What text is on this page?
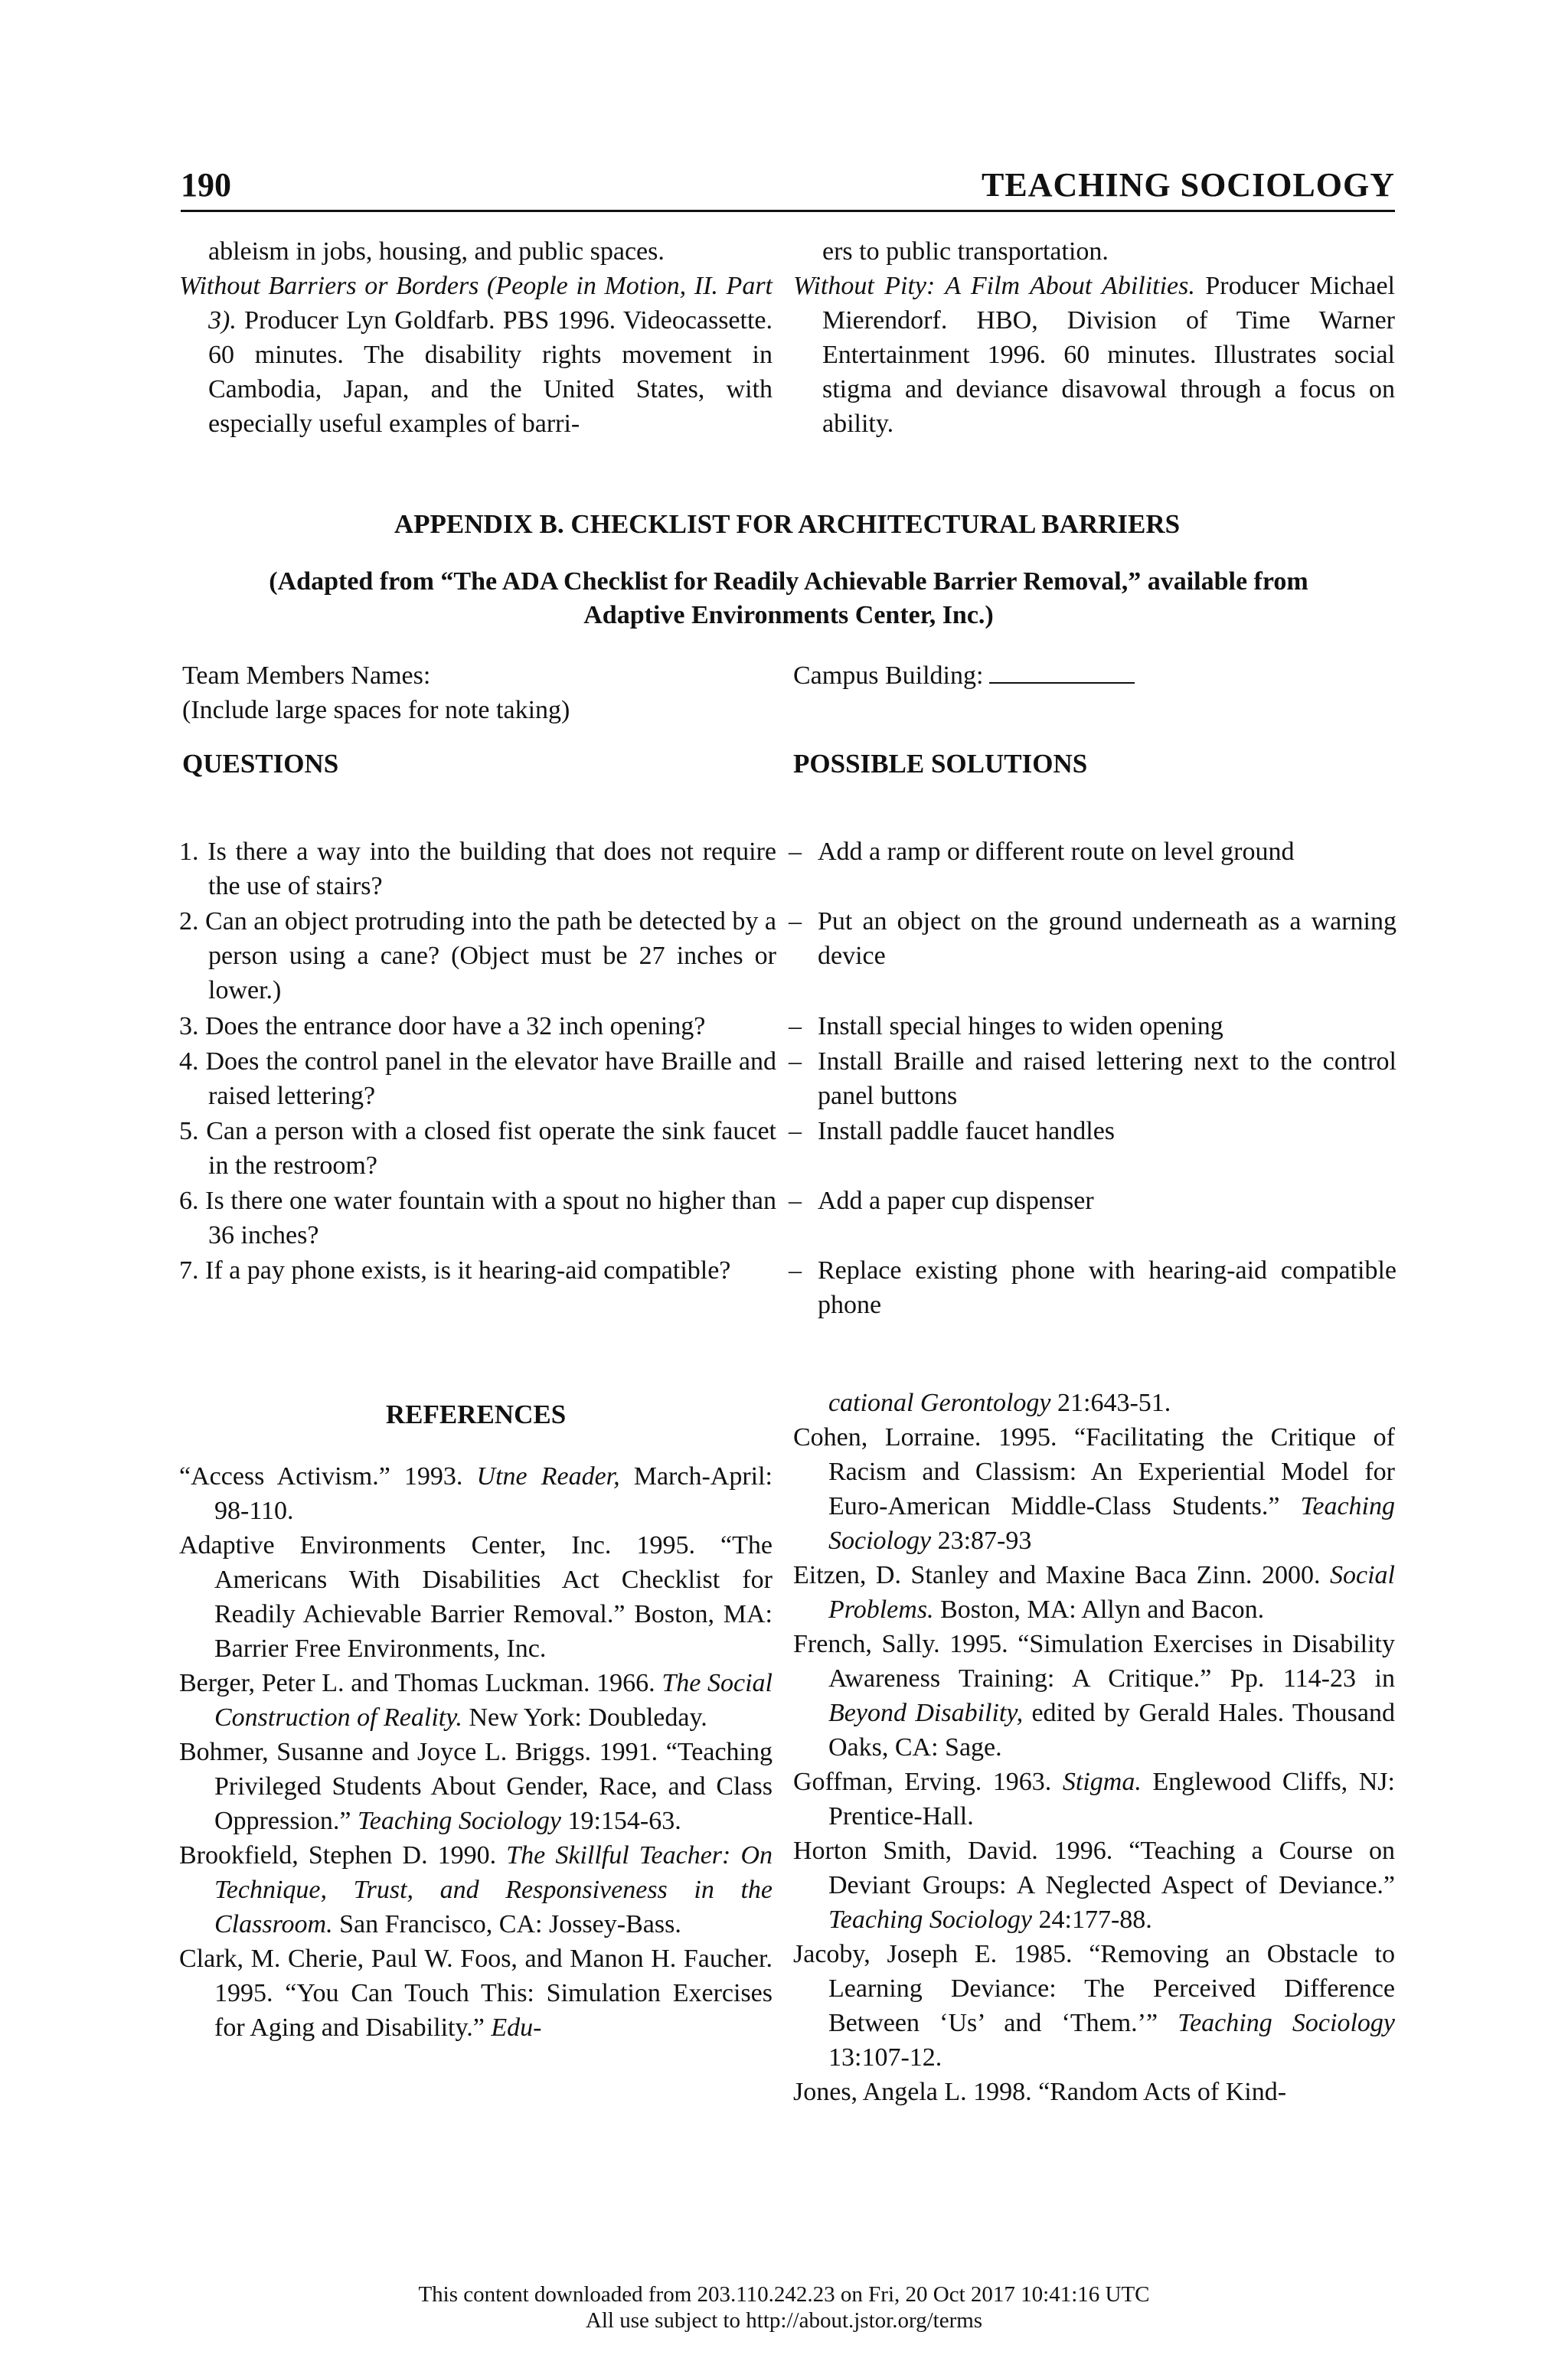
190	TEACHING SOCIOLOGY
ableism in jobs, housing, and public spaces.
Without Barriers or Borders (People in Motion, II. Part 3). Producer Lyn Goldfarb. PBS 1996. Videocassette. 60 minutes. The disability rights movement in Cambodia, Japan, and the United States, with especially useful examples of barri-
ers to public transportation.
Without Pity: A Film About Abilities. Producer Michael Mierendorf. HBO, Division of Time Warner Entertainment 1996. 60 minutes. Illustrates social stigma and deviance disavowal through a focus on ability.
APPENDIX B. CHECKLIST FOR ARCHITECTURAL BARRIERS
(Adapted from “The ADA Checklist for Readily Achievable Barrier Removal,” available from Adaptive Environments Center, Inc.)
Team Members Names:	Campus Building:
(Include large spaces for note taking)
QUESTIONS	POSSIBLE SOLUTIONS
1. Is there a way into the building that does not require the use of stairs?
– Add a ramp or different route on level ground
2. Can an object protruding into the path be detected by a person using a cane? (Object must be 27 inches or lower.)
– Put an object on the ground underneath as a warning device
3. Does the entrance door have a 32 inch opening?	– Install special hinges to widen opening
4. Does the control panel in the elevator have Braille and raised lettering?
– Install Braille and raised lettering next to the control panel buttons
5. Can a person with a closed fist operate the sink faucet in the restroom?
– Install paddle faucet handles
6. Is there one water fountain with a spout no higher than 36 inches?
– Add a paper cup dispenser
7. If a pay phone exists, is it hearing-aid compatible?	– Replace existing phone with hearing-aid compatible phone
REFERENCES

“Access Activism.” 1993. Utne Reader, March-April: 98-110.

Adaptive Environments Center, Inc. 1995. “The Americans With Disabilities Act Checklist for Readily Achievable Barrier Removal.” Boston, MA: Barrier Free Environments, Inc.

Berger, Peter L. and Thomas Luckman. 1966. The Social Construction of Reality. New York: Doubleday.

Bohmer, Susanne and Joyce L. Briggs. 1991. “Teaching Privileged Students About Gender, Race, and Class Oppression.” Teaching Sociology 19:154-63.

Brookfield, Stephen D. 1990. The Skillful Teacher: On Technique, Trust, and Responsiveness in the Classroom. San Francisco, CA: Jossey-Bass.

Clark, M. Cherie, Paul W. Foos, and Manon H. Faucher. 1995. “You Can Touch This: Simulation Exercises for Aging and Disability.” Edu-

cational Gerontology 21:643-51.

Cohen, Lorraine. 1995. “Facilitating the Critique of Racism and Classism: An Experiential Model for Euro-American Middle-Class Students.” Teaching Sociology 23:87-93

Eitzen, D. Stanley and Maxine Baca Zinn. 2000. Social Problems. Boston, MA: Allyn and Bacon.

French, Sally. 1995. “Simulation Exercises in Disability Awareness Training: A Critique.” Pp. 114-23 in Beyond Disability, edited by Gerald Hales. Thousand Oaks, CA: Sage.

Goffman, Erving. 1963. Stigma. Englewood Cliffs, NJ: Prentice-Hall.

Horton Smith, David. 1996. “Teaching a Course on Deviant Groups: A Neglected Aspect of Deviance.” Teaching Sociology 24:177-88.

Jacoby, Joseph E. 1985. “Removing an Obstacle to Learning Deviance: The Perceived Difference Between ‘Us’ and ‘Them.’” Teaching Sociology 13:107-12.

Jones, Angela L. 1998. “Random Acts of Kind-

This content downloaded from 203.110.242.23 on Fri, 20 Oct 2017 10:41:16 UTC
All use subject to http://about.jstor.org/terms
